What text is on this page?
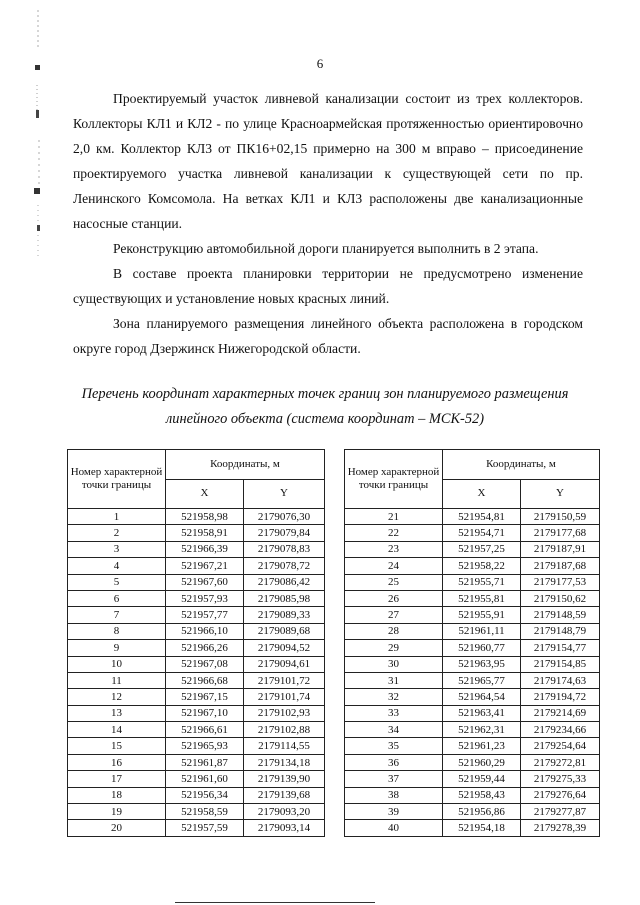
6

Проектируемый участок ливневой канализации состоит из трех коллекторов. Коллекторы КЛ1 и КЛ2 - по улице Красноармейская протяженностью ориентировочно 2,0 км. Коллектор КЛ3 от ПК16+02,15 примерно на 300 м вправо – присоединение проектируемого участка ливневой канализации к существующей сети по пр. Ленинского Комсомола. На ветках КЛ1 и КЛ3 расположены две канализационные насосные станции.

Реконструкцию автомобильной дороги планируется выполнить в 2 этапа.

В составе проекта планировки территории не предусмотрено изменение существующих и установление новых красных линий.

Зона планируемого размещения линейного объекта расположена в городском округе город Дзержинск Нижегородской области.

Перечень координат характерных точек границ зон планируемого размещения линейного объекта (система координат – МСК-52)

Номер характерной точки границы	Координаты, м	
	X	Y
1	521958,98	2179076,30
2	521958,91	2179079,84
3	521966,39	2179078,83
4	521967,21	2179078,72
5	521967,60	2179086,42
6	521957,93	2179085,98
7	521957,77	2179089,33
8	521966,10	2179089,68
9	521966,26	2179094,52
10	521967,08	2179094,61
11	521966,68	2179101,72
12	521967,15	2179101,74
13	521967,10	2179102,93
14	521966,61	2179102,88
15	521965,93	2179114,55
16	521961,87	2179134,18
17	521961,60	2179139,90
18	521956,34	2179139,68
19	521958,59	2179093,20
20	521957,59	2179093,14
Номер характерной точки границы	Координаты, м	
	X	Y
21	521954,81	2179150,59
22	521954,71	2179177,68
23	521957,25	2179187,91
24	521958,22	2179187,68
25	521955,71	2179177,53
26	521955,81	2179150,62
27	521955,91	2179148,59
28	521961,11	2179148,79
29	521960,77	2179154,77
30	521963,95	2179154,85
31	521965,77	2179174,63
32	521964,54	2179194,72
33	521963,41	2179214,69
34	521962,31	2179234,66
35	521961,23	2179254,64
36	521960,29	2179272,81
37	521959,44	2179275,33
38	521958,43	2179276,64
39	521956,86	2179277,87
40	521954,18	2179278,39
